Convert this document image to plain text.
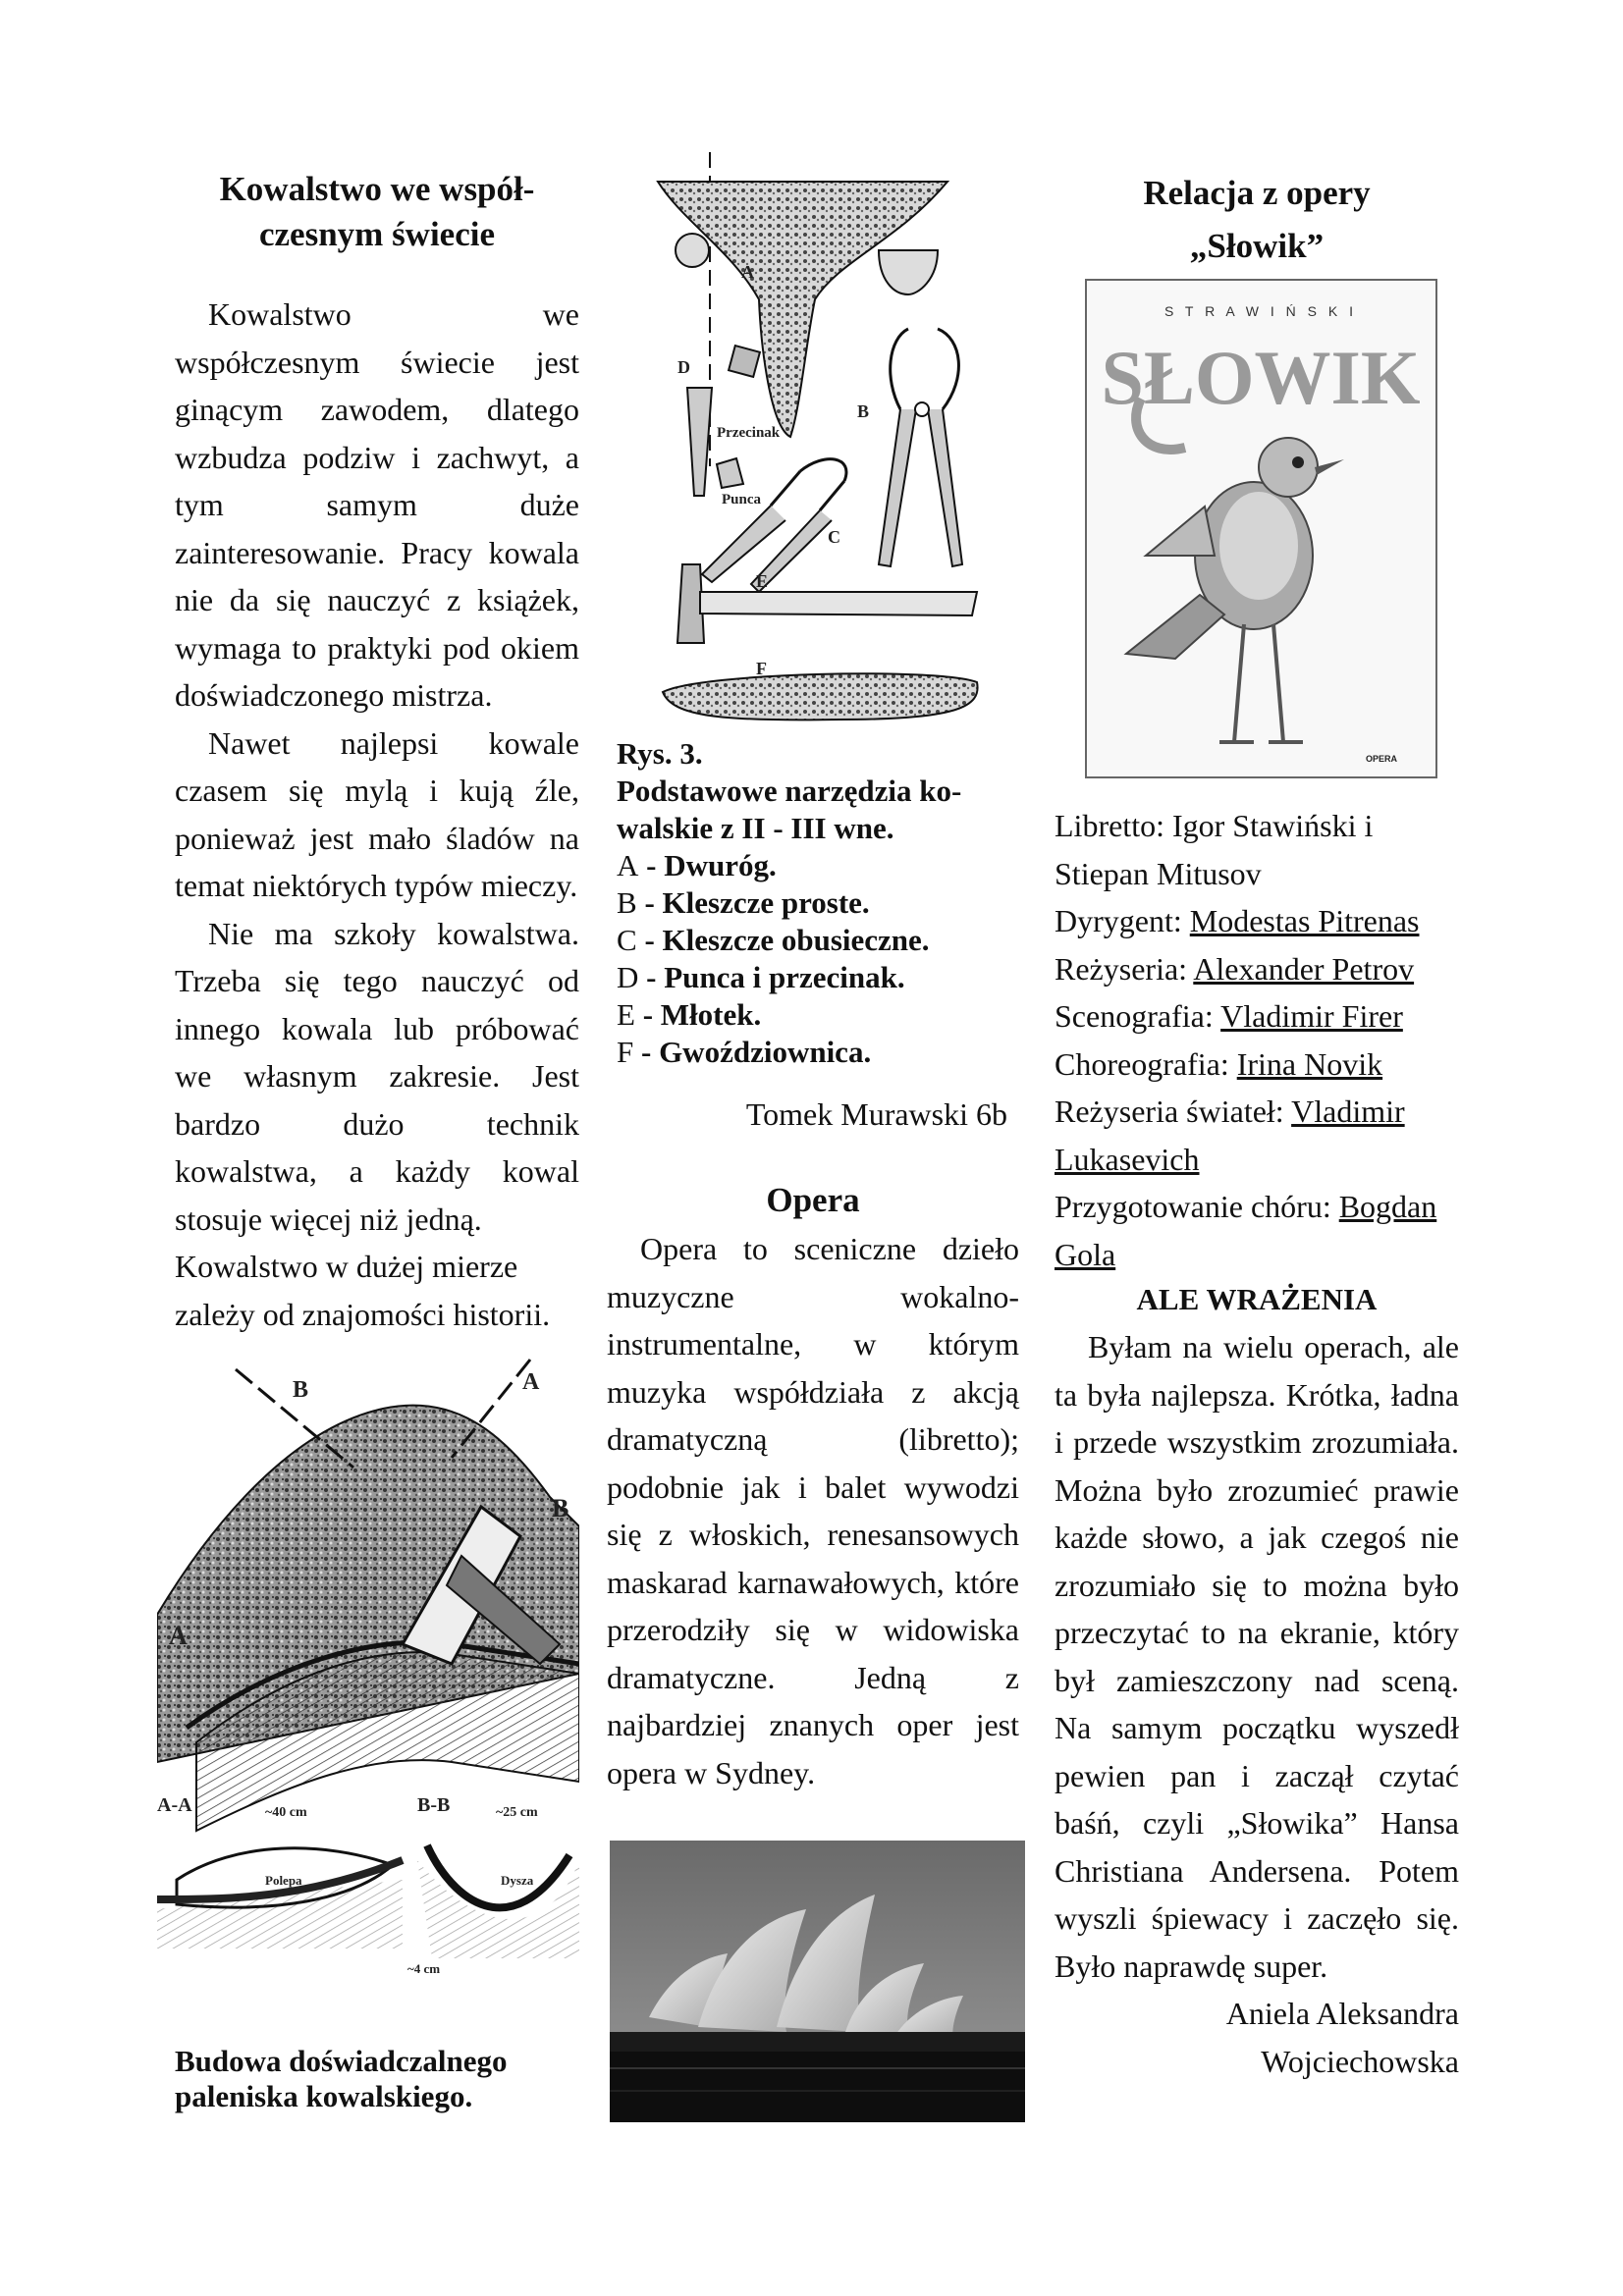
Kowalstwo we współ-

czesnym świecie

Kowalstwo we współczesnym świecie jest ginącym zawodem, dlatego wzbudza podziw i zachwyt, a tym samym duże zainteresowanie. Pracy kowala nie da się nauczyć z książek, wymaga to praktyki pod okiem doświadczonego mistrza.

Nawet najlepsi kowale czasem się mylą i kują źle, ponieważ jest mało śladów na temat niektórych typów mieczy.

Nie ma szkoły kowalstwa. Trzeba się tego nauczyć od innego kowala lub próbować we własnym zakresie. Jest bardzo dużo technik kowalstwa, a każdy kowal stosuje więcej niż jedną.

Kowalstwo w dużej mierze

zależy od znajomości historii.

B	A
A
B
A-A	B-B
~40 cm	~25 cm
Polepa	Dysza
~4 cm

Budowa doświadczalnego

paleniska kowalskiego.

A
D
Przecinak
Punca
B
C
E
F

Rys. 3.

Podstawowe narzędzia ko-

walskie z II - III wne.

A - Dwuróg.

B - Kleszcze proste.

C - Kleszcze obusieczne.

D - Punca i przecinak.

E - Młotek.

F - Gwoździownica.

Tomek Murawski 6b

Opera

Opera to sceniczne dzieło muzyczne wokalno-instrumentalne, w którym muzyka współdziała z akcją dramatyczną (libretto); podobnie jak i balet wywodzi się z włoskich, renesansowych maskarad karnawałowych, które przerodziły się w widowiska dramatyczne. Jedną z najbardziej znanych oper jest opera w Sydney.

Relacja z opery

„Słowik”

S T R A W I Ń S K I
SŁOWIK
OPERA

Libretto: Igor Stawiński i Stiepan Mitusov

Dyrygent: Modestas Pitrenas

Reżyseria: Alexander Petrov

Scenografia: Vladimir Firer

Choreografia: Irina Novik

Reżyseria świateł: Vladimir Lukasevich

Przygotowanie chóru: Bogdan Gola

ALE WRAŻENIA

Byłam na wielu operach, ale ta była najlepsza. Krótka, ładna i przede wszystkim zrozumiała. Można było zrozumieć prawie każde słowo, a jak czegoś nie zrozumiało się to można było przeczytać to na ekranie, który był zamieszczony nad sceną. Na samym początku wyszedł pewien pan i zaczął czytać baśń, czyli „Słowika” Hansa Christiana Andersena. Potem wyszli śpiewacy i zaczęło się. Było naprawdę super.

Aniela Aleksandra

Wojciechowska
